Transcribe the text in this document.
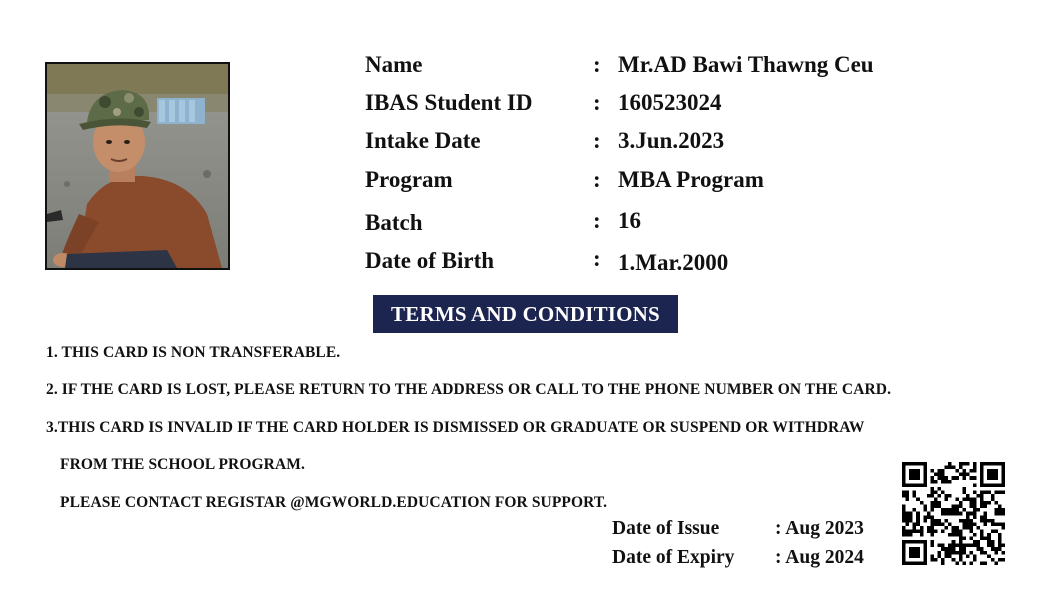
Name	: Mr.AD Bawi Thawng Ceu
IBAS Student ID	: 160523024
Intake Date	: 3.Jun.2023
Program	: MBA Program
Batch	: 16
Date of Birth	: 1.Mar.2000
TERMS AND CONDITIONS
1. THIS CARD IS NON TRANSFERABLE.
2. IF THE CARD IS LOST, PLEASE RETURN TO THE ADDRESS OR CALL TO THE PHONE NUMBER ON THE CARD.
3.THIS CARD IS INVALID IF THE CARD HOLDER IS DISMISSED OR GRADUATE OR SUSPEND OR WITHDRAW
FROM THE SCHOOL PROGRAM.
PLEASE CONTACT REGISTAR @MGWORLD.EDUCATION FOR SUPPORT.
Date of Issue	: Aug 2023
Date of Expiry : Aug 2024
